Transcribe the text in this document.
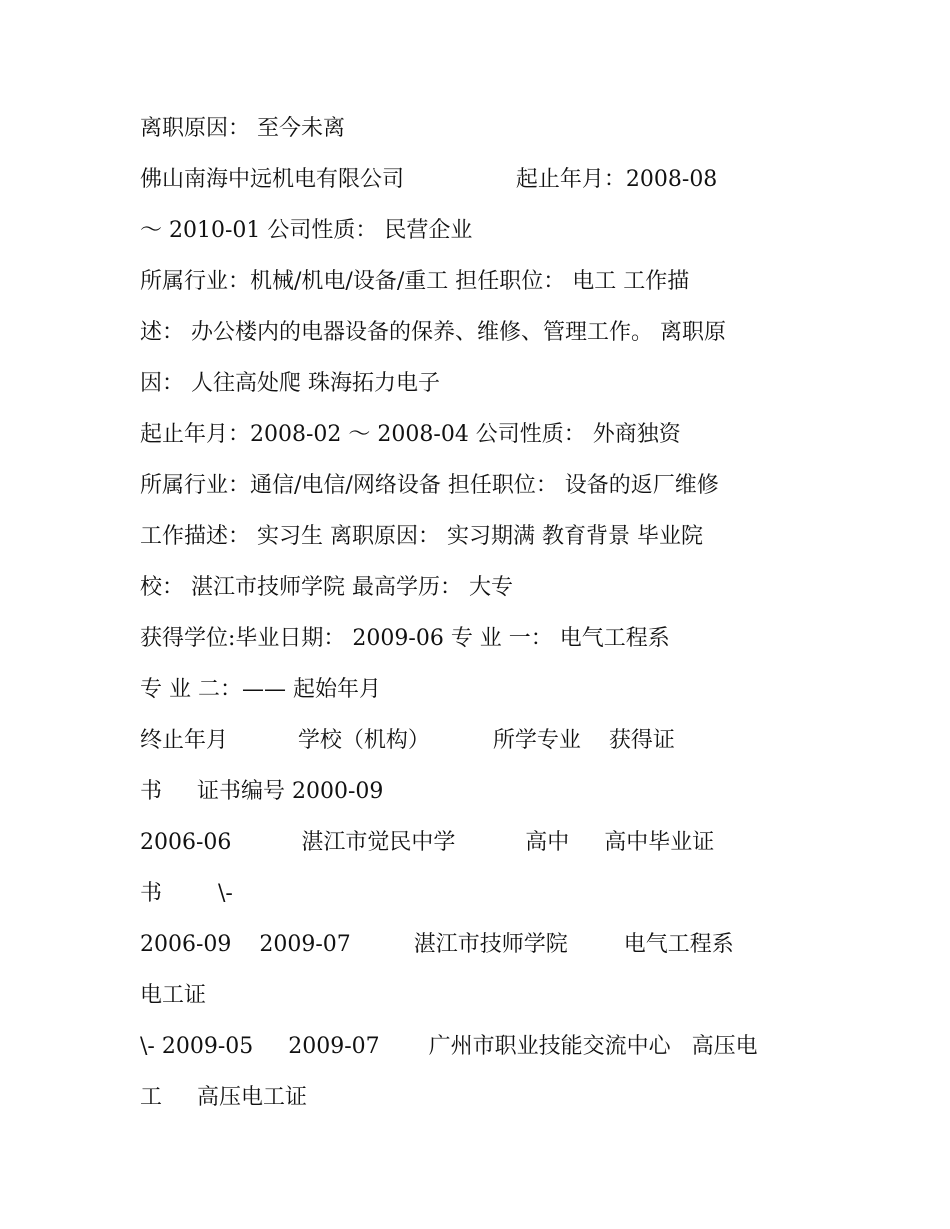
离职原因： 至今未离
佛山南海中远机电有限公司                起止年月：2008-08
～ 2010-01 公司性质： 民营企业
所属行业：机械/机电/设备/重工 担任职位： 电工 工作描
述： 办公楼内的电器设备的保养、维修、管理工作。 离职原
因： 人往高处爬 珠海拓力电子
起止年月：2008-02 ～ 2008-04 公司性质： 外商独资
所属行业：通信/电信/网络设备 担任职位： 设备的返厂维修
工作描述： 实习生 离职原因： 实习期满 教育背景 毕业院
校： 湛江市技师学院 最高学历： 大专
获得学位:毕业日期： 2009-06 专 业 一： 电气工程系
专 业 二：—— 起始年月
终止年月          学校（机构）         所学专业    获得证
书     证书编号 2000-09
2006-06          湛江市觉民中学          高中     高中毕业证
书        \-
2006-09    2009-07         湛江市技师学院        电气工程系
电工证
\- 2009-05     2009-07       广州市职业技能交流中心   高压电
工     高压电工证
